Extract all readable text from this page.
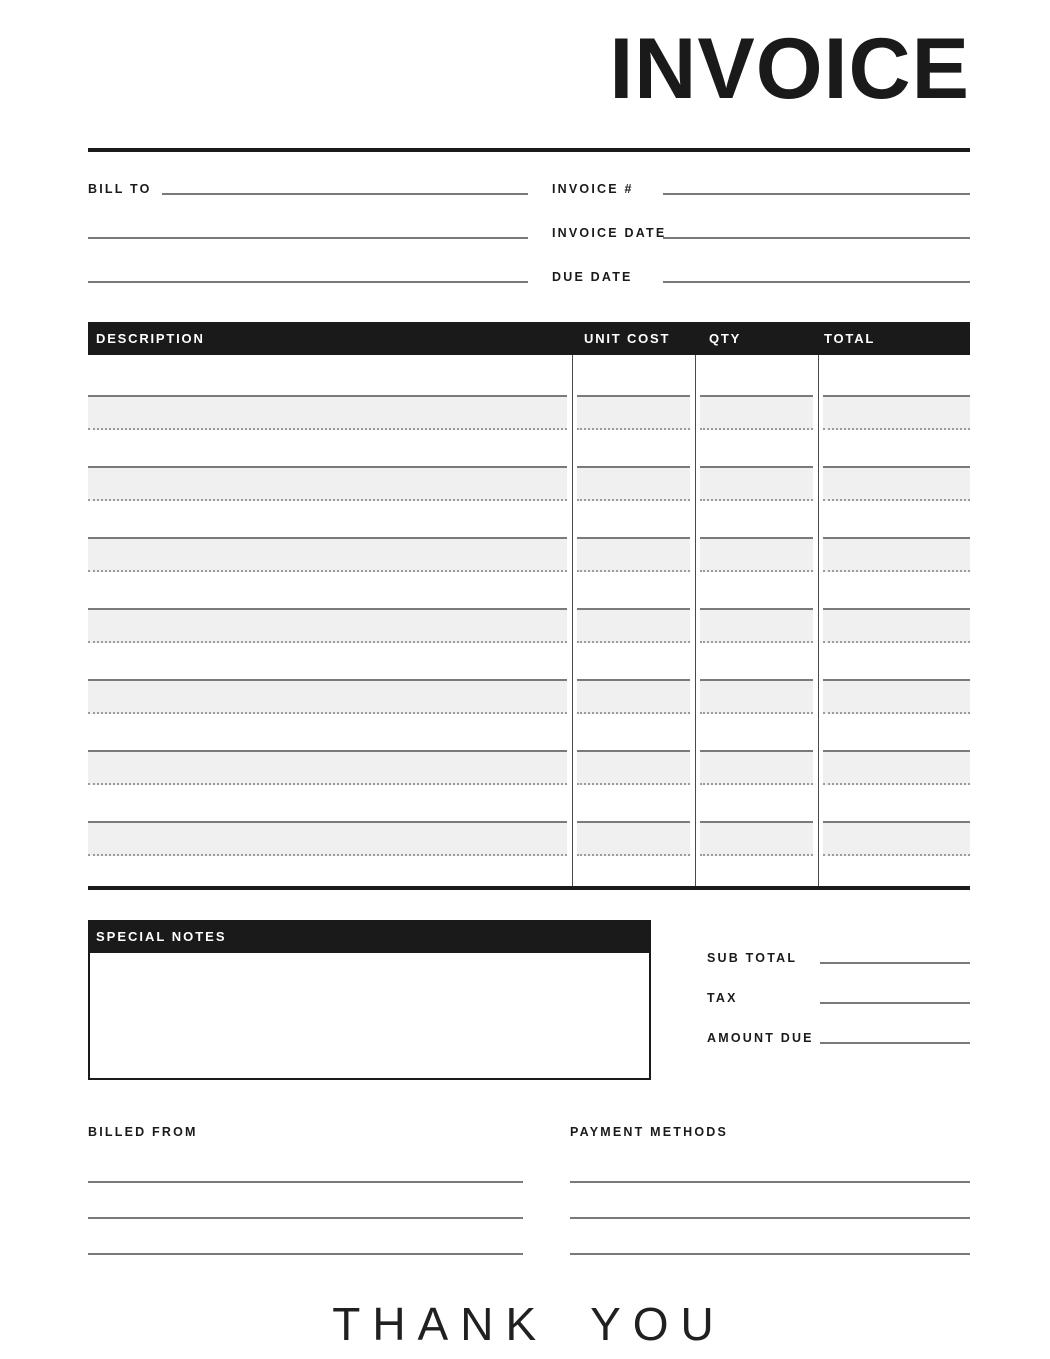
INVOICE
BILL TO	INVOICE #
INVOICE DATE
DUE DATE
DESCRIPTION	UNIT COST	QTY	TOTAL
SPECIAL NOTES
SUB TOTAL
TAX
AMOUNT DUE
BILLED FROM	PAYMENT METHODS
THANK YOU
